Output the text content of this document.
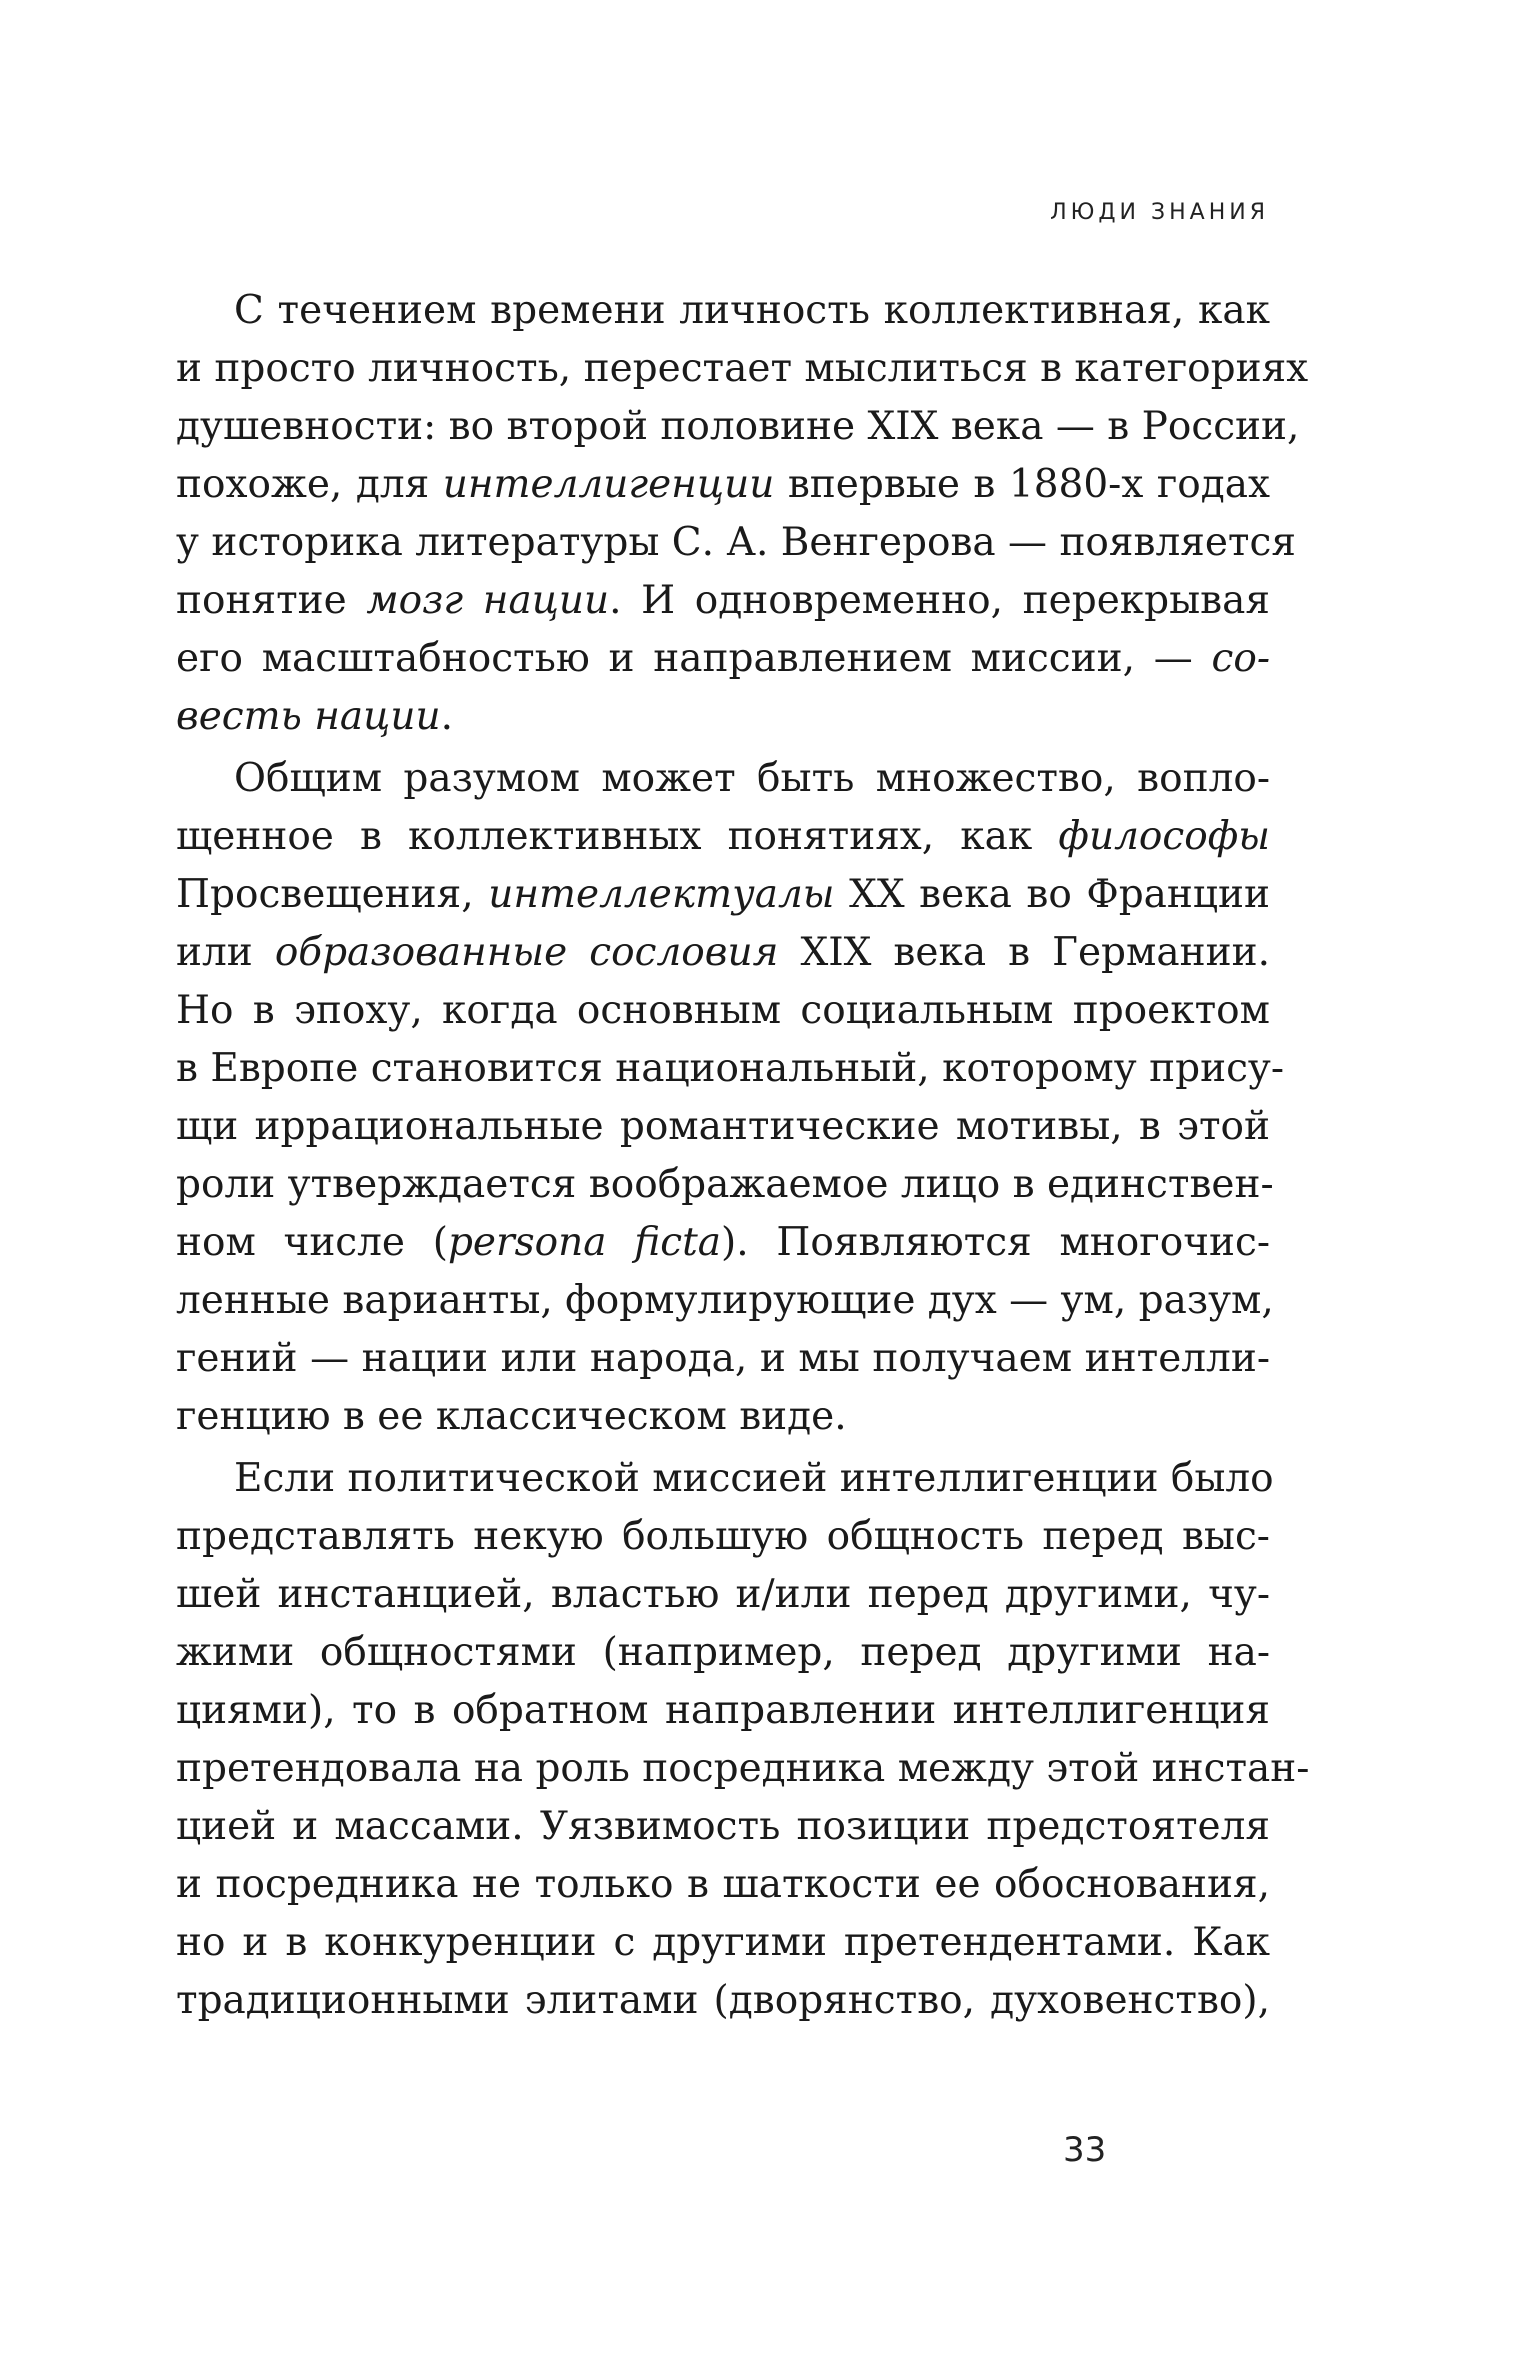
ЛЮДИ ЗНАНИЯ
С течением времени личность коллективная, как
и просто личность, перестает мыслиться в категориях
душевности: во второй половине XIX века — в России,
похоже, для интеллигенции впервые в 1880-х годах
у историка литературы С. А. Венгерова — появляется
понятие мозг нации. И одновременно, перекрывая
его масштабностью и направлением миссии, — со-
весть нации.
Общим разумом может быть множество, вопло-
щенное в коллективных понятиях, как философы
Просвещения, интеллектуалы XX века во Франции
или образованные сословия XIX века в Германии.
Но в эпоху, когда основным социальным проектом
в Европе становится национальный, которому прису-
щи иррациональные романтические мотивы, в этой
роли утверждается воображаемое лицо в единствен-
ном числе (persona ficta). Появляются многочис-
ленные варианты, формулирующие дух — ум, разум,
гений — нации или народа, и мы получаем интелли-
генцию в ее классическом виде.
Если политической миссией интеллигенции было
представлять некую большую общность перед выс-
шей инстанцией, властью и/или перед другими, чу-
жими общностями (например, перед другими на-
циями), то в обратном направлении интеллигенция
претендовала на роль посредника между этой инстан-
цией и массами. Уязвимость позиции предстоятеля
и посредника не только в шаткости ее обоснования,
но и в конкуренции с другими претендентами. Как
традиционными элитами (дворянство, духовенство),
33
